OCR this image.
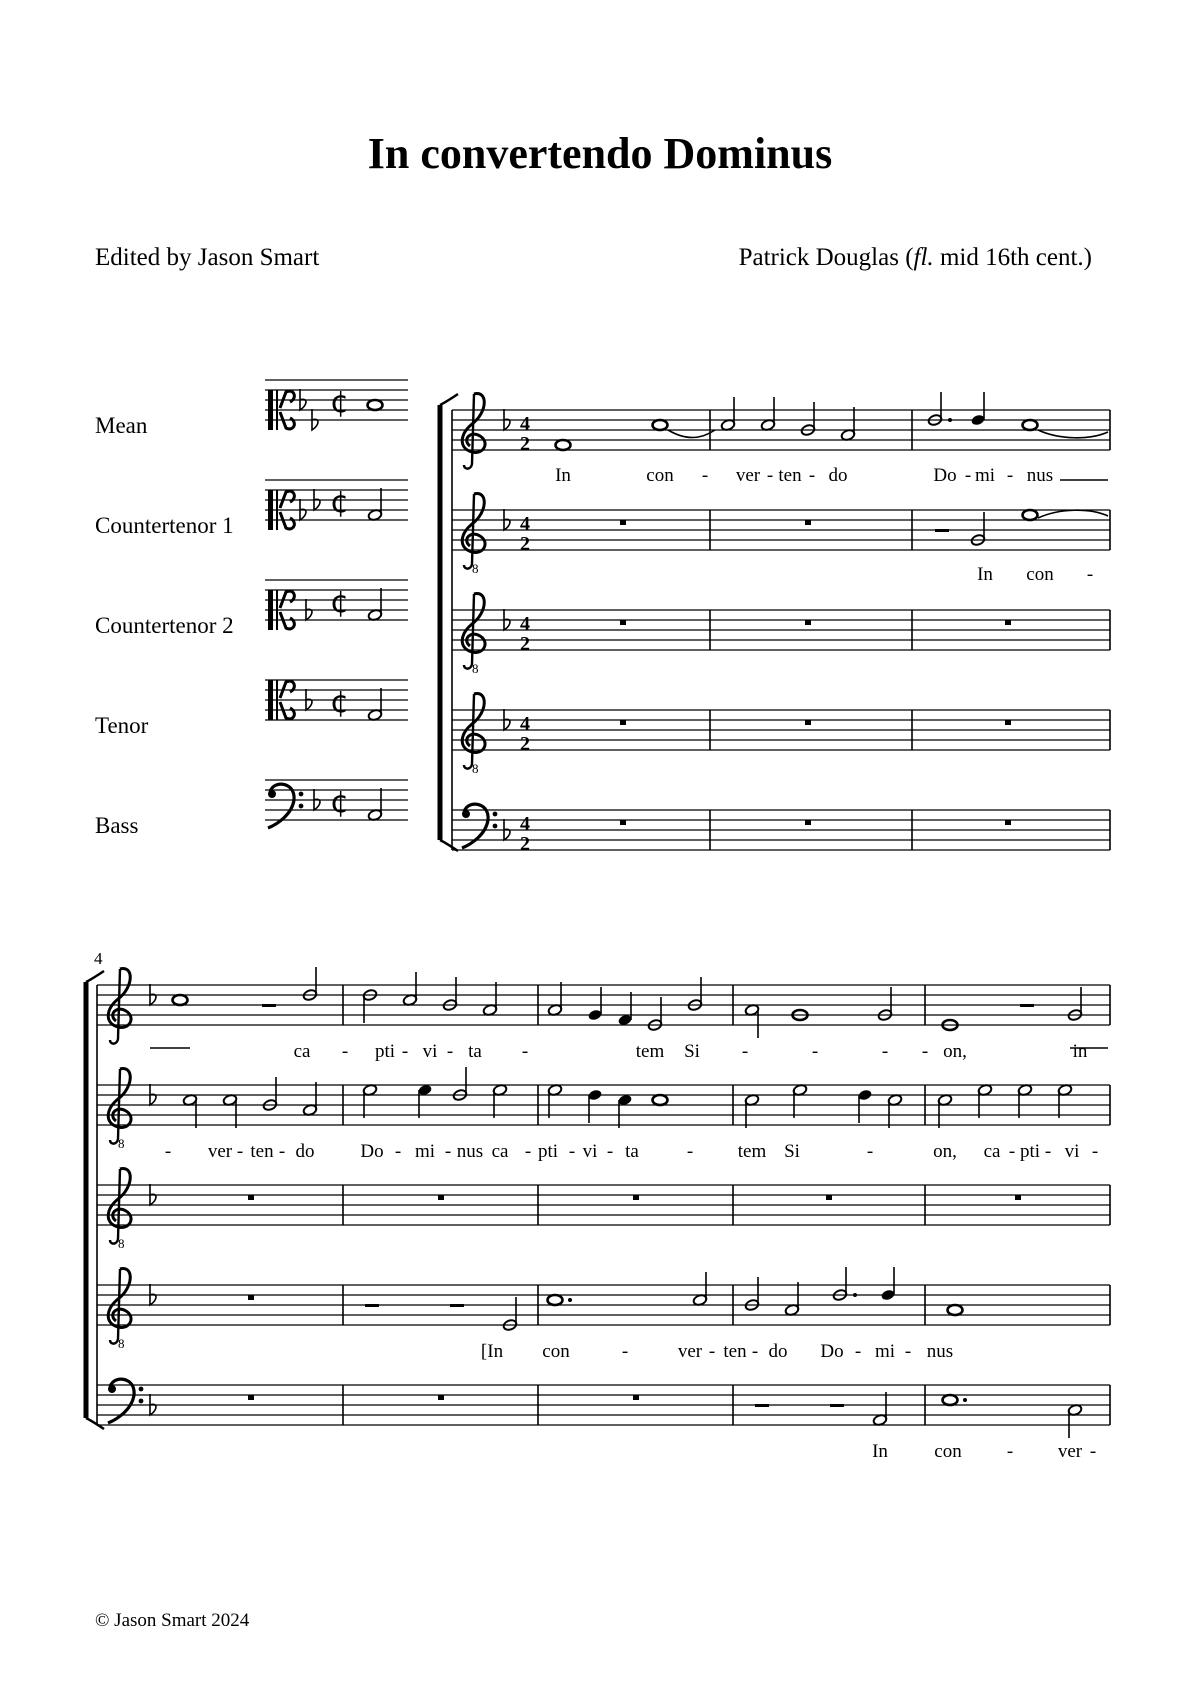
¢
¢
¢
¢
¢
8
8
8
4
2
4
2
4
2
4
2
4
2
8
8
8
In	con - ver - ten - do	Do - mi - nus
In con -
ca - pti - vi - ta -	tem Si -	-	- - on,	in
- ver - ten - do Do - mi - nus ca - pti - vi - ta	- tem Si	-	on, ca - pti - vi -
[In con	-	ver - ten - do Do - mi - nus
In con - ver -
In convertendo Dominus
Edited by Jason Smart	Patrick Douglas (fl. mid 16th cent.)
Mean
Countertenor 1
Countertenor 2
Tenor
Bass
4
© Jason Smart 2024
